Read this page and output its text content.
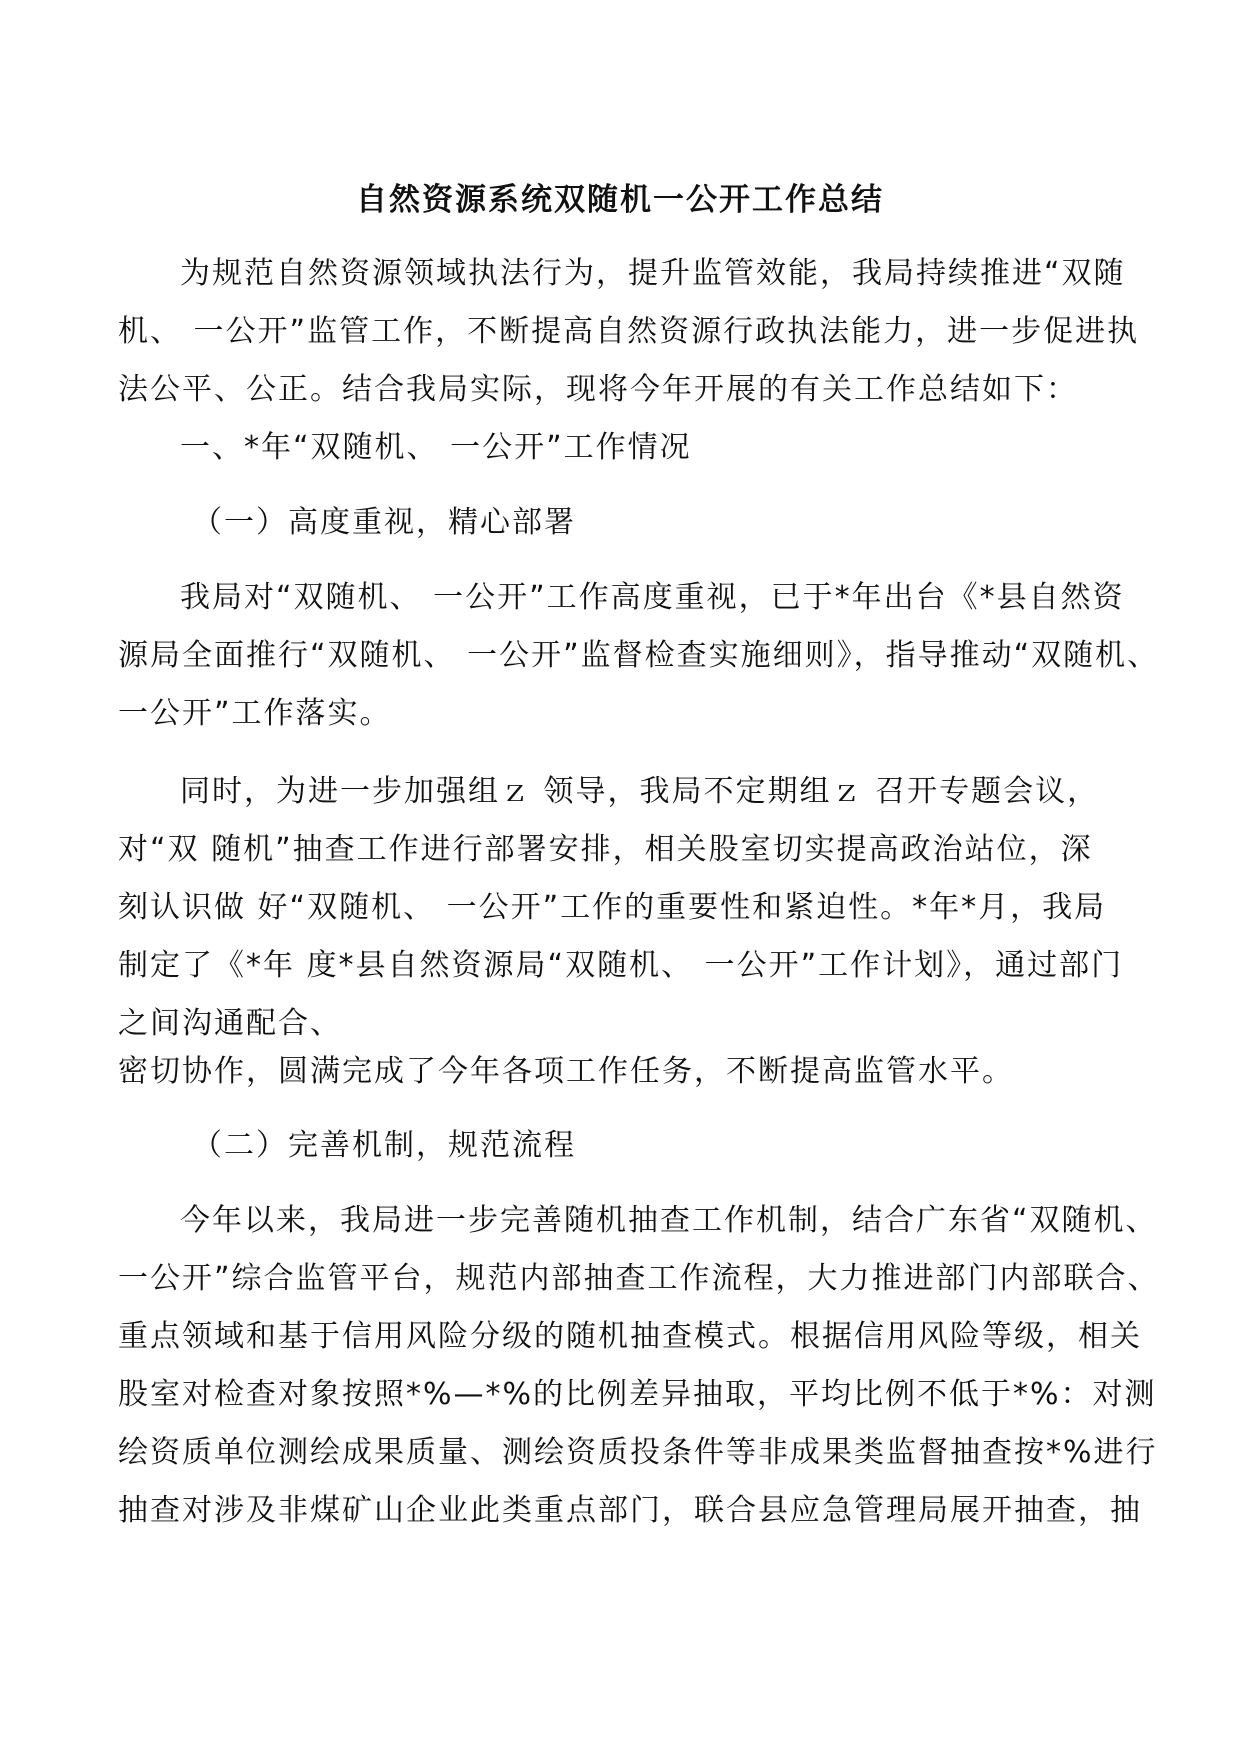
自然资源系统双随机一公开工作总结
为规范自然资源领域执法行为，提升监管效能，我局持续推进“双随
机、 一公开”监管工作，不断提高自然资源行政执法能力，进一步促进执
法公平、公正。结合我局实际，现将今年开展的有关工作总结如下：
一、*年“双随机、 一公开”工作情况
（一）高度重视，精心部署
我局对“双随机、 一公开”工作高度重视，已于*年出台《*县自然资
源局全面推行“双随机、 一公开”监督检查实施细则》，指导推动“双随机、
一公开”工作落实。
同时，为进一步加强组ｚ 领导，我局不定期组ｚ 召开专题会议，
对“双 随机”抽查工作进行部署安排，相关股室切实提高政治站位，深
刻认识做 好“双随机、 一公开”工作的重要性和紧迫性。*年*月，我局
制定了《*年 度*县自然资源局“双随机、 一公开”工作计划》，通过部门
之间沟通配合、
密切协作，圆满完成了今年各项工作任务，不断提高监管水平。
（二）完善机制，规范流程
今年以来，我局进一步完善随机抽查工作机制，结合广东省“双随机、
一公开”综合监管平台，规范内部抽查工作流程，大力推进部门内部联合、
重点领域和基于信用风险分级的随机抽查模式。根据信用风险等级，相关
股室对检查对象按照*%—*%的比例差异抽取，平均比例不低于*%：对测
绘资质单位测绘成果质量、测绘资质投条件等非成果类监督抽查按*%进行
抽查对涉及非煤矿山企业此类重点部门，联合县应急管理局展开抽查，抽
